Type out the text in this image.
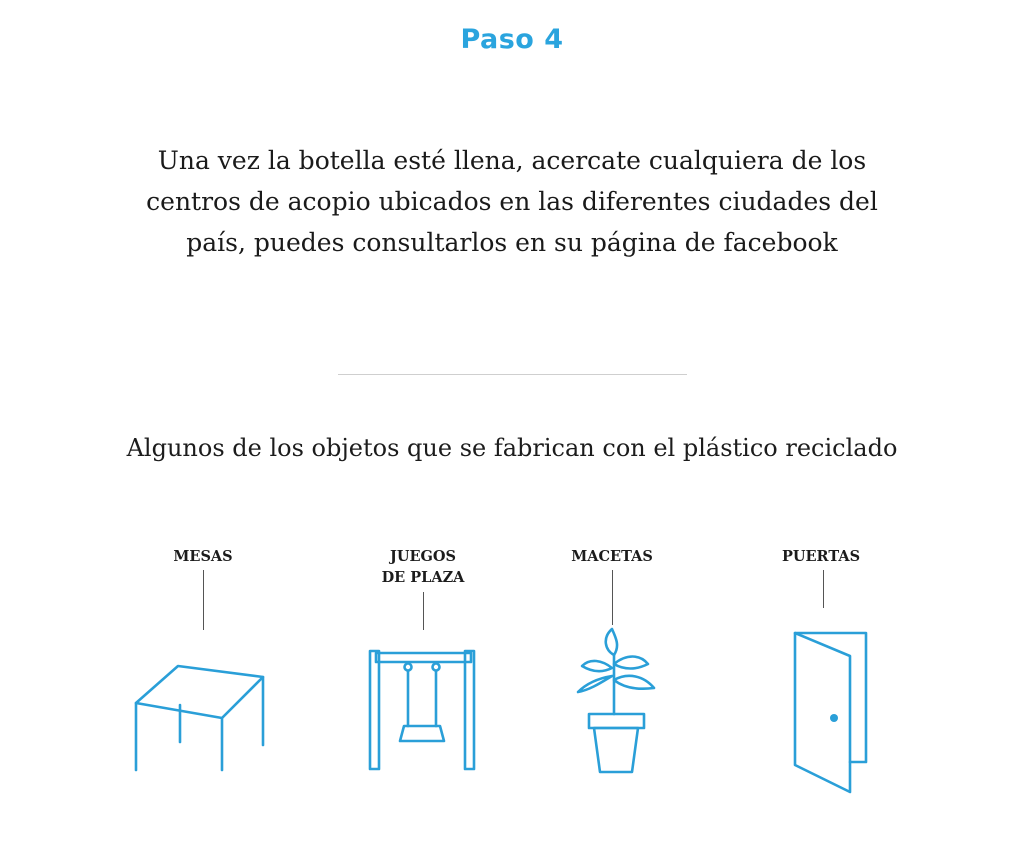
Paso 4
Una vez la botella esté llena, acercate cualquiera de los
centros de acopio ubicados en las diferentes ciudades del
país, puedes consultarlos en su página de facebook
Algunos de los objetos que se fabrican con el plástico reciclado
MESAS	JUEGOS
DE PLAZA
MACETAS	PUERTAS
